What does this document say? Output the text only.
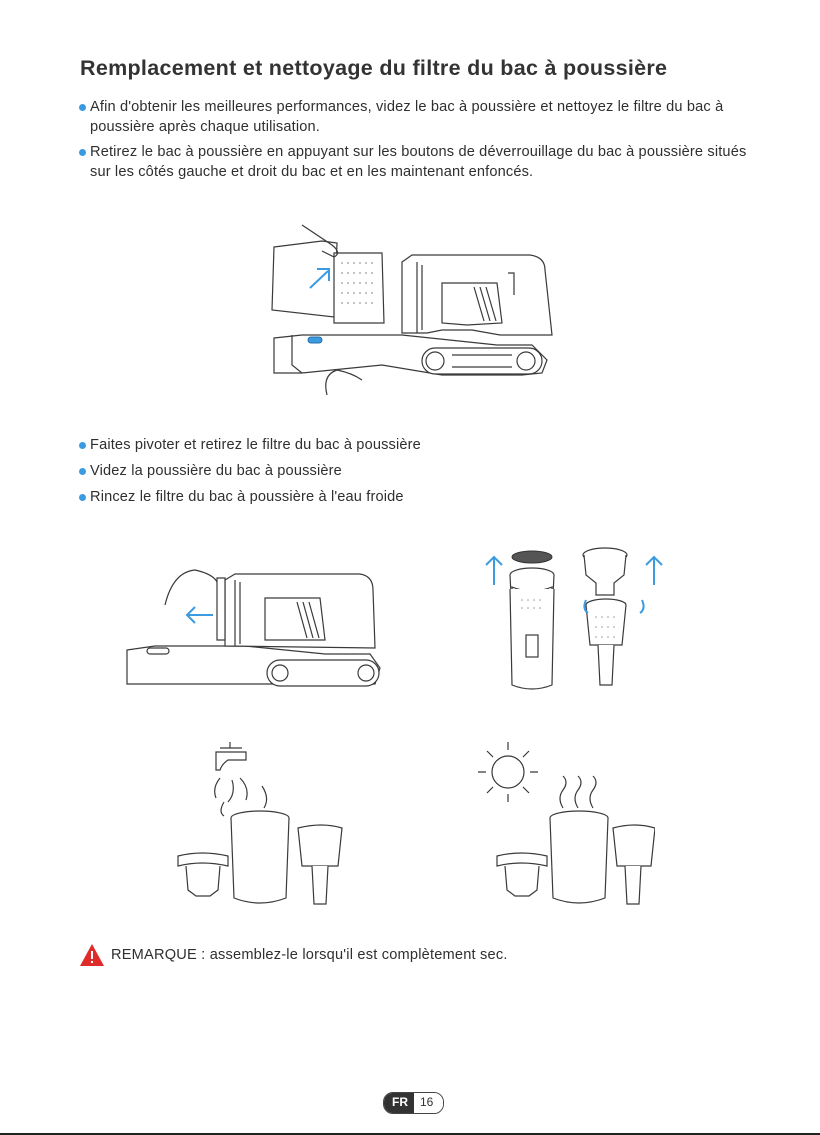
Remplacement et nettoyage du filtre du bac à poussière
Afin d'obtenir les meilleures performances, videz le bac à poussière et nettoyez le filtre du bac à poussière après chaque utilisation.
Retirez le bac à poussière en appuyant sur les boutons de déverrouillage du bac à poussière situés sur les côtés gauche et droit du bac et en les maintenant enfoncés.
Faites pivoter et retirez le filtre du bac à poussière
Videz la poussière du bac à poussière
Rincez le filtre du bac à poussière à l'eau froide
REMARQUE : assemblez-le lorsqu'il est complètement sec.
FR	16
